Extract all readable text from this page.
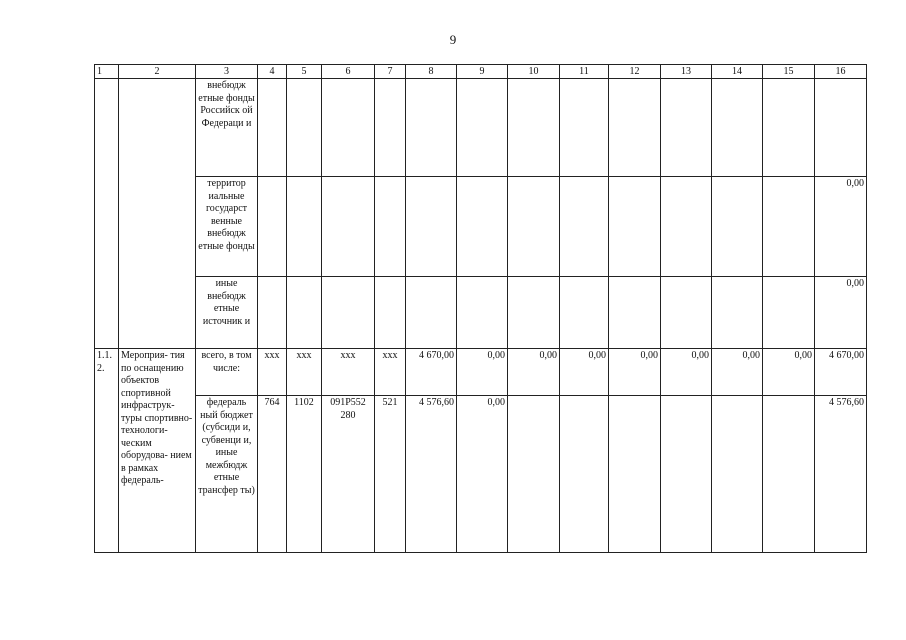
9
1	2	3	4	5	6	7	8	9	10	11	12	13	14	15	16
		внебюдж етные фонды Российск ой Федераци и													
		территор иальные государст венные внебюдж етные фонды													0,00
		иные внебюдж етные источник и													0,00
1.1. 2.	Мероприя- тия по оснащению объектов спортивной инфраструк- туры спортивно- технологи- ческим оборудова- нием в рамках федераль-	всего, в том числе:	ххх	ххх	ххх	ххх	4 670,00	0,00	0,00	0,00	0,00	0,00	0,00	0,00	4 670,00
		федераль ный бюджет (субсиди и, субвенци и, иные межбюдж етные трансфер ты)	764	1102	091Р552 280	521	4 576,60	0,00							4 576,60
